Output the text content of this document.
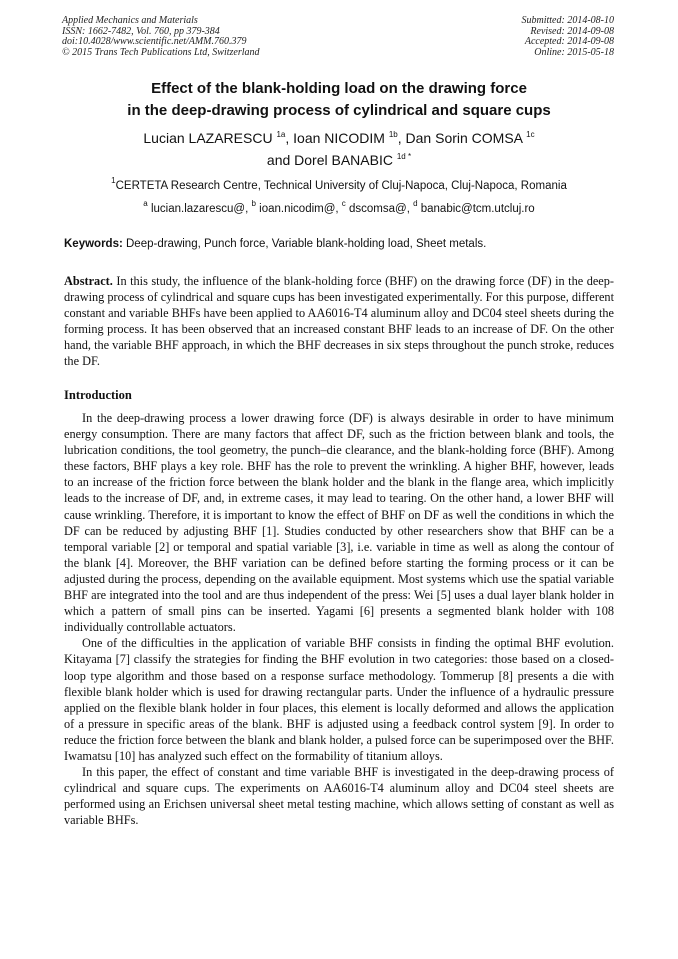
Applied Mechanics and Materials
ISSN: 1662-7482, Vol. 760, pp 379-384
doi:10.4028/www.scientific.net/AMM.760.379
© 2015 Trans Tech Publications Ltd, Switzerland
Submitted: 2014-08-10
Revised: 2014-09-08
Accepted: 2014-09-08
Online: 2015-05-18
Effect of the blank-holding load on the drawing force
in the deep-drawing process of cylindrical and square cups
Lucian LAZARESCU $^{1a}$, Ioan NICODIM $^{1b}$, Dan Sorin COMSA $^{1c}$
and Dorel BANABIC $^{1d *}$
$^1$CERTETA Research Centre, Technical University of Cluj-Napoca, Cluj-Napoca, Romania
$^a$ lucian.lazarescu@, $^b$ ioan.nicodim@, $^c$ dscomsa@, $^d$ banabic@tcm.utcluj.ro
Keywords: Deep-drawing, Punch force, Variable blank-holding load, Sheet metals.
Abstract. In this study, the influence of the blank-holding force (BHF) on the drawing force (DF) in the deep-drawing process of cylindrical and square cups has been investigated experimentally. For this purpose, different constant and variable BHFs have been applied to AA6016-T4 aluminum alloy and DC04 steel sheets during the forming process. It has been observed that an increased constant BHF leads to an increase of DF. On the other hand, the variable BHF approach, in which the BHF decreases in six steps throughout the punch stroke, reduces the DF.
Introduction

In the deep-drawing process a lower drawing force (DF) is always desirable in order to have minimum energy consumption. There are many factors that affect DF, such as the friction between blank and tools, the lubrication conditions, the tool geometry, the punch–die clearance, and the blank-holding force (BHF). Among these factors, BHF plays a key role. BHF has the role to prevent the wrinkling. A higher BHF, however, leads to an increase of the friction force between the blank holder and the blank in the flange area, which implicitly leads to the increase of DF, and, in extreme cases, it may lead to tearing. On the other hand, a lower BHF will cause wrinkling. Therefore, it is important to know the effect of BHF on DF as well the conditions in which the DF can be reduced by adjusting BHF [1]. Studies conducted by other researchers show that BHF can be a temporal variable [2] or temporal and spatial variable [3], i.e. variable in time as well as along the contour of the blank [4]. Moreover, the BHF variation can be defined before starting the forming process or it can be adjusted during the process, depending on the available equipment. Most systems which use the spatial variable BHF are integrated into the tool and are thus independent of the press: Wei [5] uses a dual layer blank holder in which a pattern of small pins can be inserted. Yagami [6] presents a segmented blank holder with 108 individually controllable actuators.

One of the difficulties in the application of variable BHF consists in finding the optimal BHF evolution. Kitayama [7] classify the strategies for finding the BHF evolution in two categories: those based on a closed-loop type algorithm and those based on a response surface methodology. Tommerup [8] presents a die with flexible blank holder which is used for drawing rectangular parts. Under the influence of a hydraulic pressure applied on the flexible blank holder in four places, this element is locally deformed and allows the application of a pressure in specific areas of the blank. BHF is adjusted using a feedback control system [9]. In order to reduce the friction force between the blank and blank holder, a pulsed force can be superimposed over the BHF. Iwamatsu [10] has analyzed such effect on the formability of titanium alloys.

In this paper, the effect of constant and time variable BHF is investigated in the deep-drawing process of cylindrical and square cups. The experiments on AA6016-T4 aluminum alloy and DC04 steel sheets are performed using an Erichsen universal sheet metal testing machine, which allows setting of constant as well as variable BHFs.
